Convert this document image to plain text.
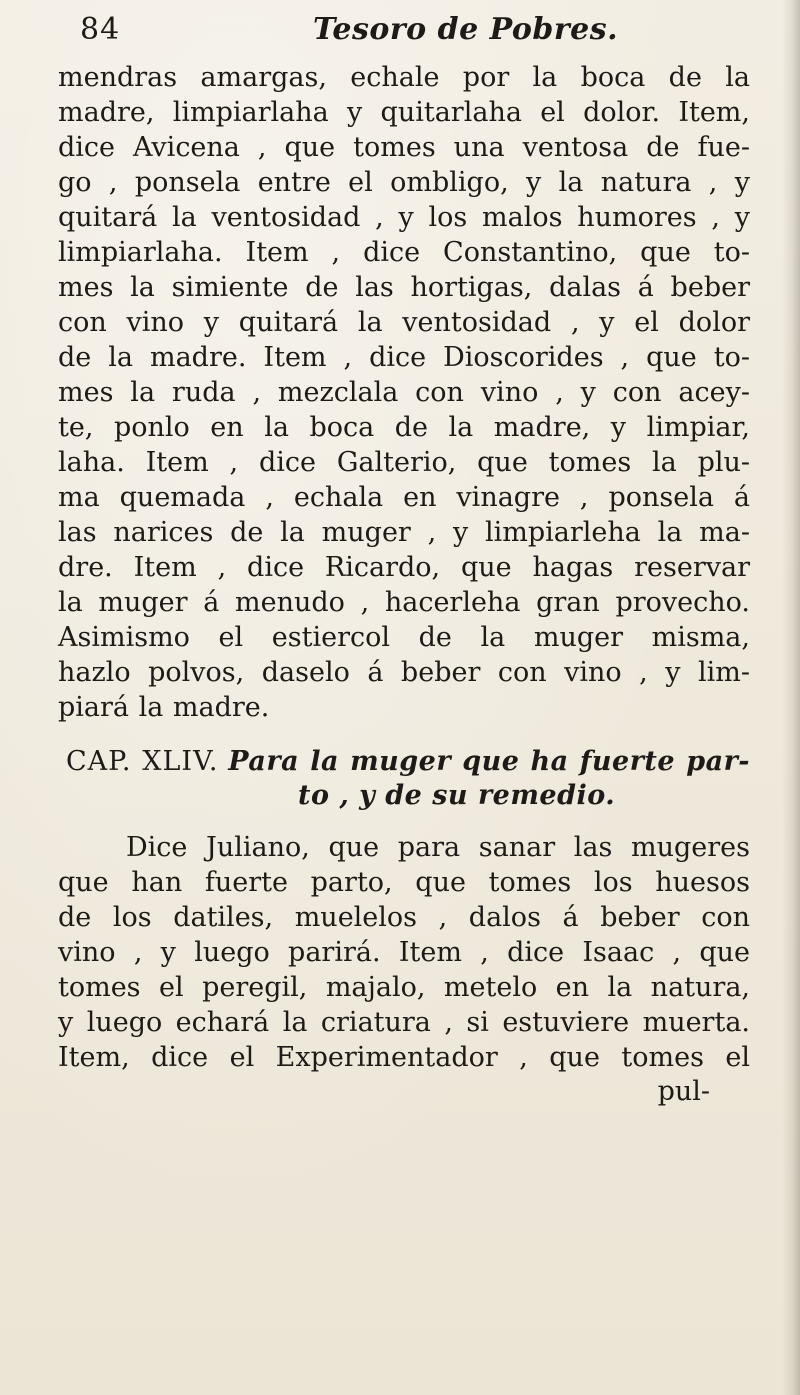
84	Tesoro de Pobres.
mendras amargas, echale por la boca de la
madre, limpiarlaha y quitarlaha el dolor. Item,
dice Avicena , que tomes una ventosa de fue-
go , ponsela entre el ombligo, y la natura , y
quitará la ventosidad , y los malos humores , y
limpiarlaha. Item , dice Constantino, que to-
mes la simiente de las hortigas, dalas á beber
con vino y quitará la ventosidad , y el dolor
de la madre. Item , dice Dioscorides , que to-
mes la ruda , mezclala con vino , y con acey-
te, ponlo en la boca de la madre, y limpiar,
laha. Item , dice Galterio, que tomes la plu-
ma quemada , echala en vinagre , ponsela á
las narices de la muger , y limpiarleha la ma-
dre. Item , dice Ricardo, que hagas reservar
la muger á menudo , hacerleha gran provecho.
Asimismo el estiercol de la muger misma,
hazlo polvos, daselo á beber con vino , y lim-
piará la madre.
CAP. XLIV. Para la muger que ha fuerte par-
to , y de su remedio.
Dice Juliano, que para sanar las mugeres
que han fuerte parto, que tomes los huesos
de los datiles, muelelos , dalos á beber con
vino , y luego parirá. Item , dice Isaac , que
tomes el peregil, majalo, metelo en la natura,
y luego echará la criatura , si estuviere muerta.
Item, dice el Experimentador , que tomes el
pul-
